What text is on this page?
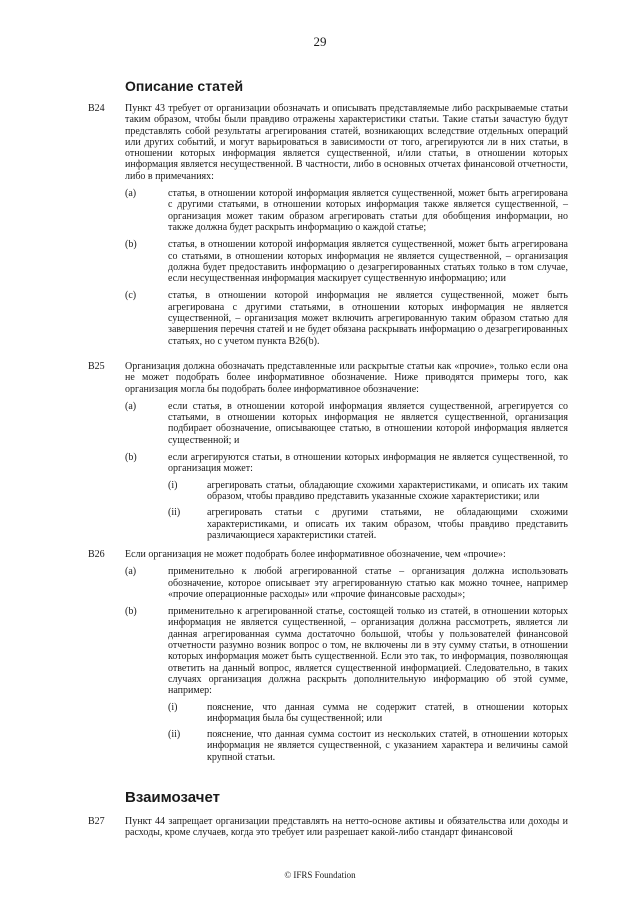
29
Описание статей
B24 Пункт 43 требует от организации обозначать и описывать представляемые либо раскрываемые статьи таким образом, чтобы были правдиво отражены характеристики статьи. Такие статьи зачастую будут представлять собой результаты агрегирования статей, возникающих вследствие отдельных операций или других событий, и могут варьироваться в зависимости от того, агрегируются ли в них статьи, в отношении которых информация является существенной, и/или статьи, в отношении которых информация является несущественной. В частности, либо в основных отчетах финансовой отчетности, либо в примечаниях:
(a)	статья, в отношении которой информация является существенной, может быть агрегирована с другими статьями, в отношении которых информация также является существенной, – организация может таким образом агрегировать статьи для обобщения информации, но также должна будет раскрыть информацию о каждой статье;
(b)	статья, в отношении которой информация является существенной, может быть агрегирована со статьями, в отношении которых информация не является существенной, – организация должна будет предоставить информацию о дезагрегированных статьях только в том случае, если несущественная информация маскирует существенную информацию; или
(c)	статья, в отношении которой информация не является существенной, может быть агрегирована с другими статьями, в отношении которых информация не является существенной, – организация может включить агрегированную таким образом статью для завершения перечня статей и не будет обязана раскрывать информацию о дезагрегированных статьях, но с учетом пункта B26(b).
B25 Организация должна обозначать представленные или раскрытые статьи как «прочие», только если она не может подобрать более информативное обозначение. Ниже приводятся примеры того, как организация могла бы подобрать более информативное обозначение:
(a)	если статья, в отношении которой информация является существенной, агрегируется со статьями, в отношении которых информация не является существенной, организация подбирает обозначение, описывающее статью, в отношении которой информация является существенной; и
(b)	если агрегируются статьи, в отношении которых информация не является существенной, то организация может:
(i)	агрегировать статьи, обладающие схожими характеристиками, и описать их таким образом, чтобы правдиво представить указанные схожие характеристики; или
(ii)	агрегировать статьи с другими статьями, не обладающими схожими характеристиками, и описать их таким образом, чтобы правдиво представить различающиеся характеристики статей.
B26 Если организация не может подобрать более информативное обозначение, чем «прочие»:
(a)	применительно к любой агрегированной статье – организация должна использовать обозначение, которое описывает эту агрегированную статью как можно точнее, например «прочие операционные расходы» или «прочие финансовые расходы»;
(b)	применительно к агрегированной статье, состоящей только из статей, в отношении которых информация не является существенной, – организация должна рассмотреть, является ли данная агрегированная сумма достаточно большой, чтобы у пользователей финансовой отчетности разумно возник вопрос о том, не включены ли в эту сумму статьи, в отношении которых информация может быть существенной. Если это так, то информация, позволяющая ответить на данный вопрос, является существенной информацией. Следовательно, в таких случаях организация должна раскрыть дополнительную информацию об этой сумме, например:
(i)	пояснение, что данная сумма не содержит статей, в отношении которых информация была бы существенной; или
(ii)	пояснение, что данная сумма состоит из нескольких статей, в отношении которых информация не является существенной, с указанием характера и величины самой крупной статьи.
Взаимозачет
B27 Пункт 44 запрещает организации представлять на нетто-основе активы и обязательства или доходы и расходы, кроме случаев, когда это требует или разрешает какой-либо стандарт финансовой
© IFRS Foundation
